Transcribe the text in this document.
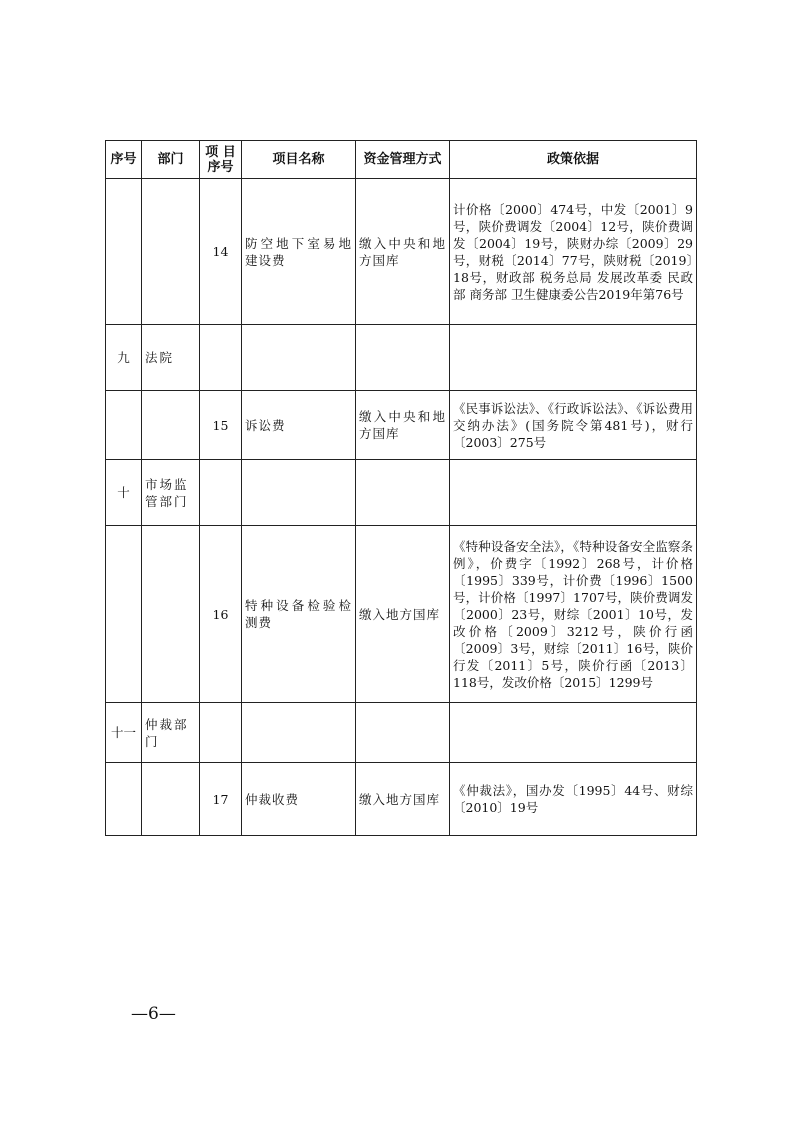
序号	部门	项 目序号	项目名称	资金管理方式	政策依据
		14	防空地下室易地建设费	缴入中央和地方国库	计价格〔2000〕474号，中发〔2001〕9号，陕价费调发〔2004〕12号，陕价费调发〔2004〕19号，陕财办综〔2009〕29号，财税〔2014〕77号，陕财税〔2019〕18号，财政部 税务总局 发展改革委 民政部 商务部 卫生健康委公告2019年第76号
九	法院				
		15	诉讼费	缴入中央和地方国库	《民事诉讼法》、《行政诉讼法》、《诉讼费用交纳办法》(国务院令第481号)，财行〔2003〕275号
十	市场监管部门				
		16	特种设备检验检测费	缴入地方国库	《特种设备安全法》，《特种设备安全监察条例》，价费字〔1992〕268号，计价格〔1995〕339号，计价费〔1996〕1500号，计价格〔1997〕1707号，陕价费调发〔2000〕23号，财综〔2001〕10号，发改价格〔2009〕3212号，陕价行函〔2009〕3号，财综〔2011〕16号，陕价行发〔2011〕5号，陕价行函〔2013〕118号，发改价格〔2015〕1299号
十一	仲裁部门				
		17	仲裁收费	缴入地方国库	《仲裁法》，国办发〔1995〕44号、财综〔2010〕19号
—6—
